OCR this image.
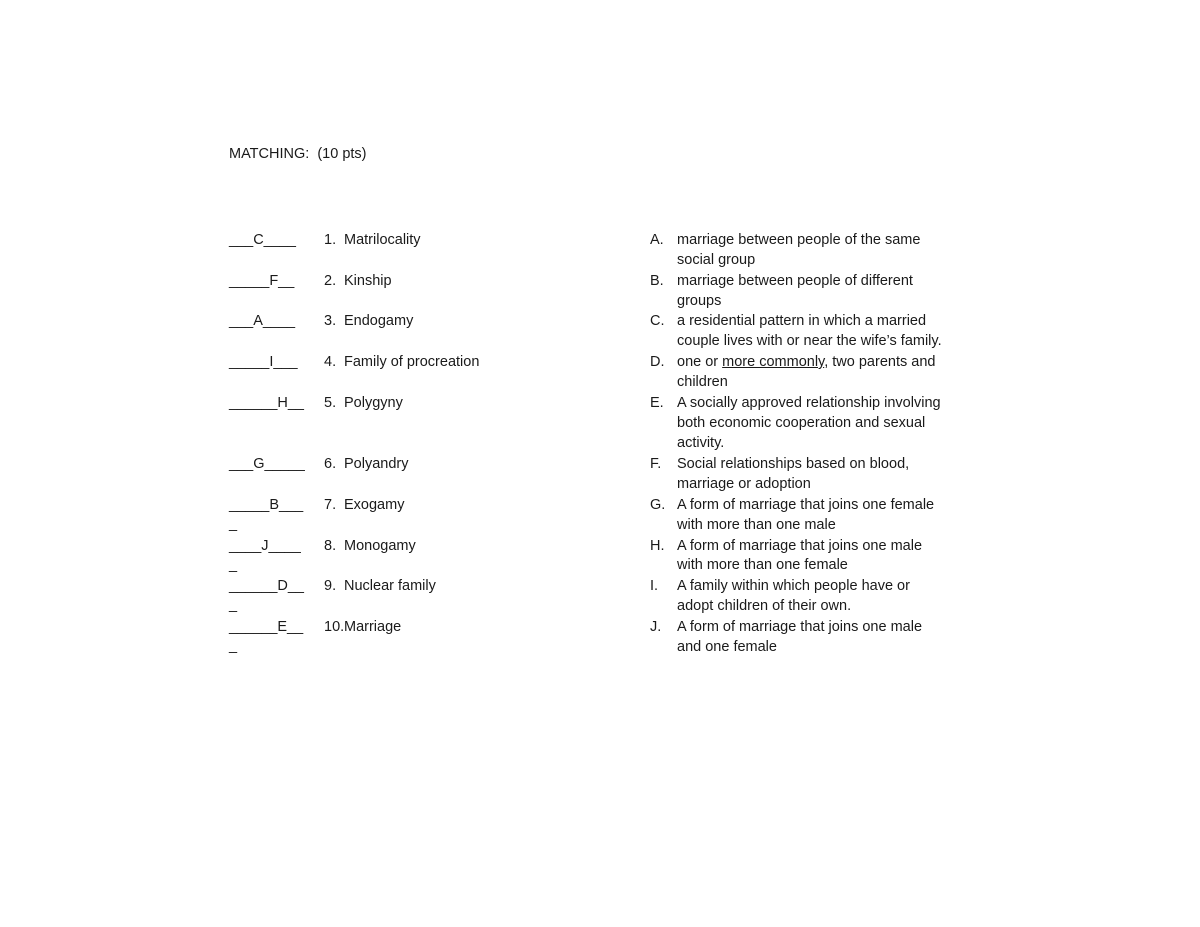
MATCHING:  (10 pts)
___C____ 1. Matrilocality
_____F__ 2. Kinship
___A____ 3. Endogamy
_____I___ 4. Family of procreation
______H__ 5. Polygyny
___G_____ 6. Polyandry
_____B___
_
7. Exogamy
____J____
_
8. Monogamy
______D__
_
9. Nuclear family
______E__
_
10. Marriage
A. marriage between people of the same
social group
B. marriage between people of different
groups
C. a residential pattern in which a married
couple lives with or near the wife’s family.
D. one or more commonly, two parents and
children
E. A socially approved relationship involving
both economic cooperation and sexual
activity.
F. Social relationships based on blood,
marriage or adoption
G. A form of marriage that joins one female
with more than one male
H. A form of marriage that joins one male
with more than one female
I. A family within which people have or
adopt children of their own.
J. A form of marriage that joins one male
and one female
